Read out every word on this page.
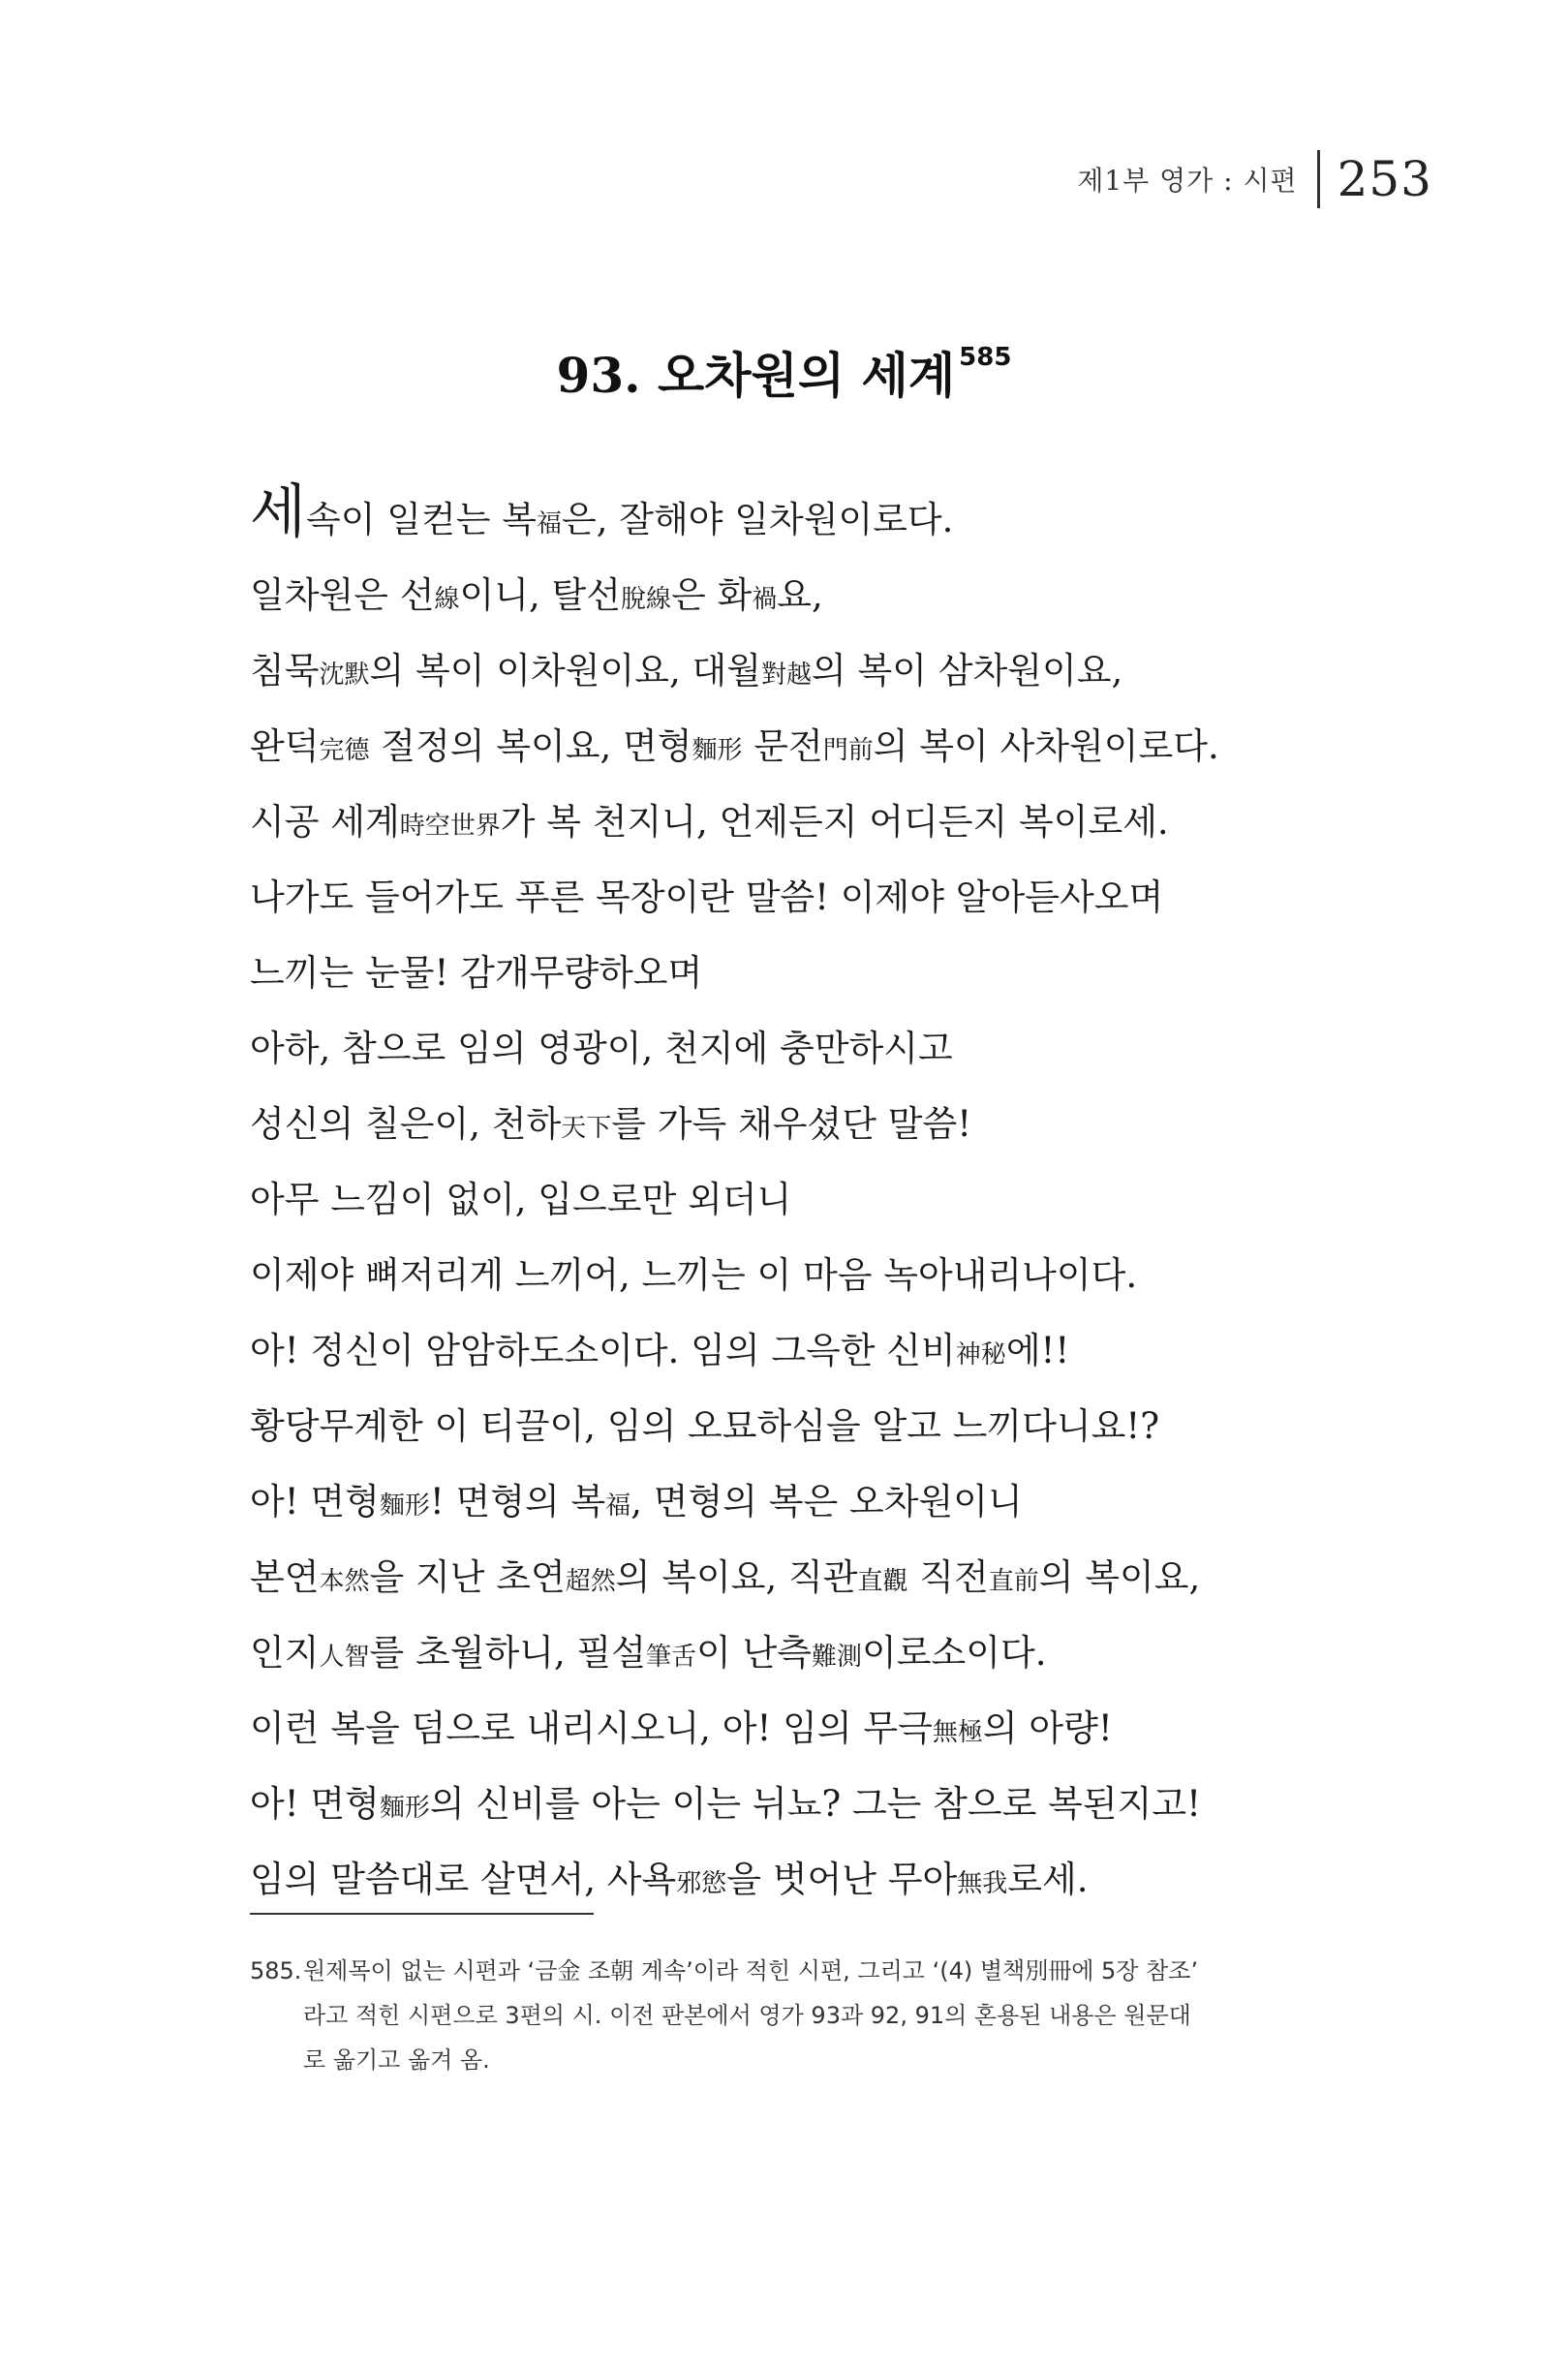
제1부 영가 : 시편 253
93. 오차원의 세계 $^{585}$
세속이 일컫는 복福은, 잘해야 일차원이로다.
일차원은 선線이니, 탈선脫線은 화禍요,
침묵沈默의 복이 이차원이요, 대월對越의 복이 삼차원이요,
완덕完德 절정의 복이요, 면형麵形 문전門前의 복이 사차원이로다.
시공 세계時空世界가 복 천지니, 언제든지 어디든지 복이로세.
나가도 들어가도 푸른 목장이란 말씀! 이제야 알아듣사오며
느끼는 눈물! 감개무량하오며
아하, 참으로 임의 영광이, 천지에 충만하시고
성신의 칠은이, 천하天下를 가득 채우셨단 말씀!
아무 느낌이 없이, 입으로만 외더니
이제야 뼈저리게 느끼어, 느끼는 이 마음 녹아내리나이다.
아! 정신이 암암하도소이다. 임의 그윽한 신비神秘에!!
황당무계한 이 티끌이, 임의 오묘하심을 알고 느끼다니요!?
아! 면형麵形! 면형의 복福, 면형의 복은 오차원이니
본연本然을 지난 초연超然의 복이요, 직관直觀 직전直前의 복이요,
인지人智를 초월하니, 필설筆舌이 난측難測이로소이다.
이런 복을 덤으로 내리시오니, 아! 임의 무극無極의 아량!
아! 면형麵形의 신비를 아는 이는 뉘뇨? 그는 참으로 복된지고!
임의 말씀대로 살면서, 사욕邪慾을 벗어난 무아無我로세.
585. 원제목이 없는 시편과 ‘금金 조朝 계속’이라 적힌 시편, 그리고 ‘(4) 별책別冊에 5장 참조’
라고 적힌 시편으로 3편의 시. 이전 판본에서 영가 93과 92, 91의 혼용된 내용은 원문대
로 옮기고 옮겨 옴.
